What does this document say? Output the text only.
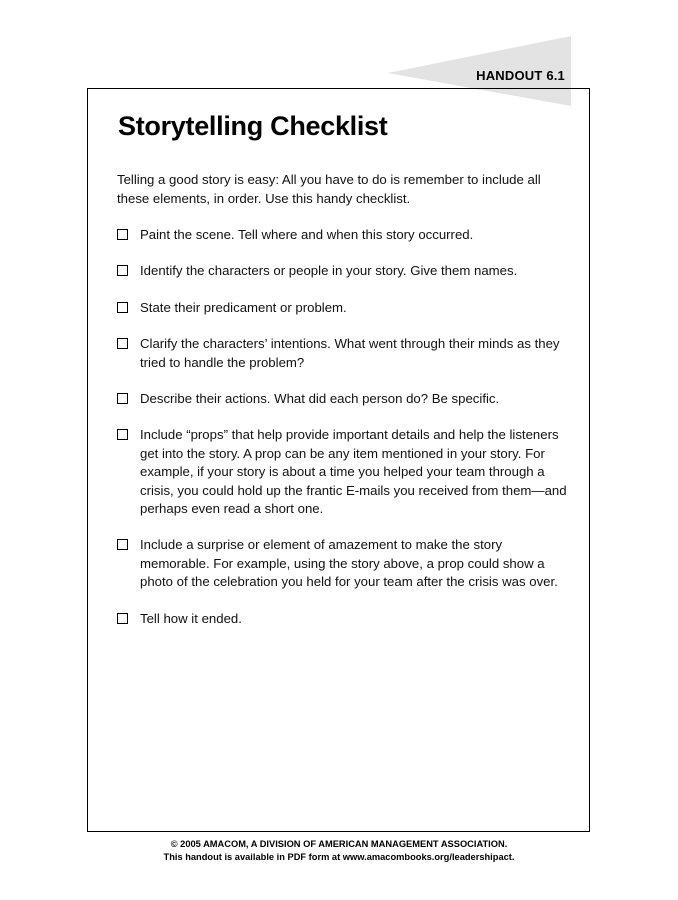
HANDOUT 6.1
Storytelling Checklist

Telling a good story is easy: All you have to do is remember to include all these elements, in order. Use this handy checklist.

Paint the scene. Tell where and when this story occurred.
Identify the characters or people in your story. Give them names.
State their predicament or problem.
Clarify the characters’ intentions. What went through their minds as they tried to handle the problem?
Describe their actions. What did each person do? Be specific.
Include “props” that help provide important details and help the listeners get into the story. A prop can be any item mentioned in your story. For example, if your story is about a time you helped your team through a crisis, you could hold up the frantic E-mails you received from them—and perhaps even read a short one.
Include a surprise or element of amazement to make the story memorable. For example, using the story above, a prop could show a photo of the celebration you held for your team after the crisis was over.
Tell how it ended.
© 2005 AMACOM, A DIVISION OF AMERICAN MANAGEMENT ASSOCIATION.
This handout is available in PDF form at www.amacombooks.org/leadershipact.
